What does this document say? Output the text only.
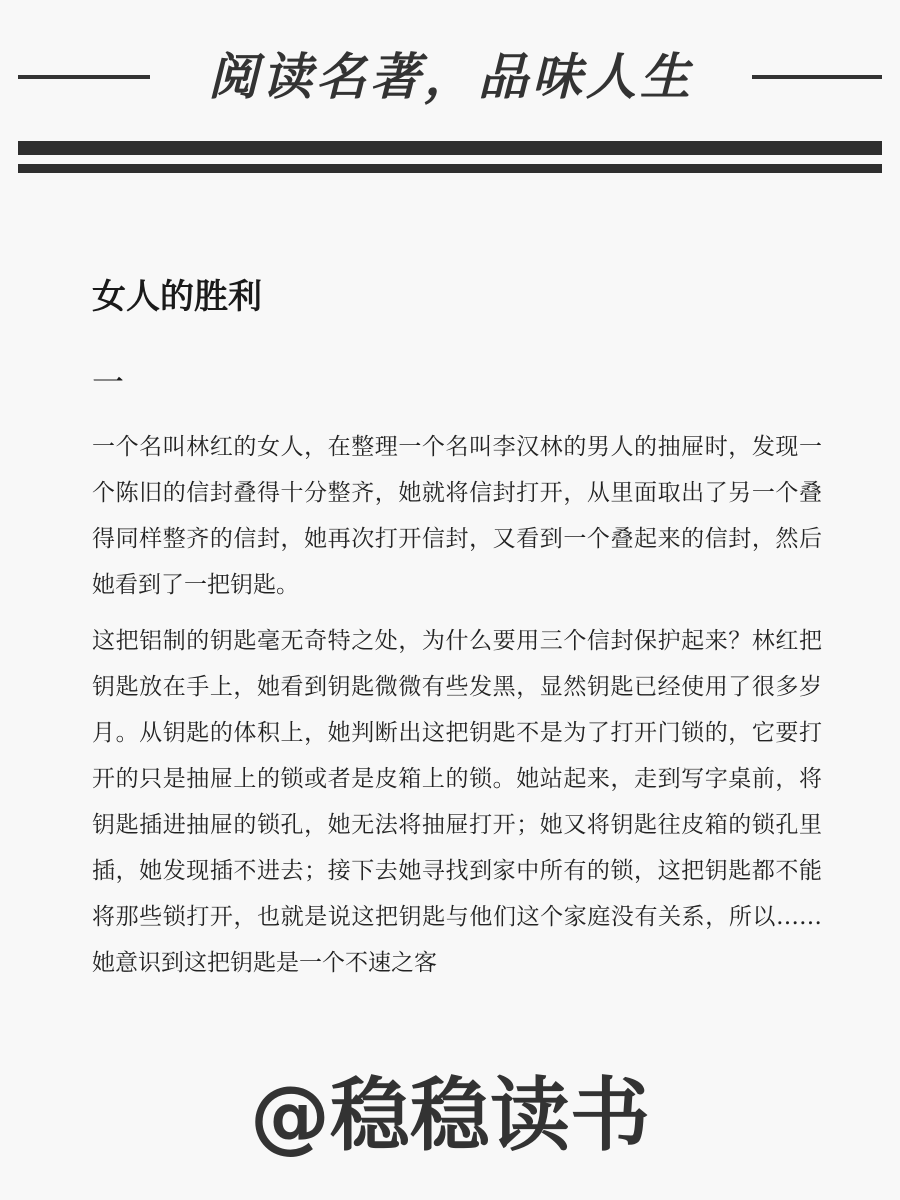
阅读名著，品味人生
女人的胜利
一

一个名叫林红的女人，在整理一个名叫李汉林的男人的抽屉时，发现一个陈旧的信封叠得十分整齐，她就将信封打开，从里面取出了另一个叠得同样整齐的信封，她再次打开信封，又看到一个叠起来的信封，然后她看到了一把钥匙。

这把铝制的钥匙毫无奇特之处，为什么要用三个信封保护起来？林红把钥匙放在手上，她看到钥匙微微有些发黑，显然钥匙已经使用了很多岁月。从钥匙的体积上，她判断出这把钥匙不是为了打开门锁的，它要打开的只是抽屉上的锁或者是皮箱上的锁。她站起来，走到写字桌前，将钥匙插进抽屉的锁孔，她无法将抽屉打开；她又将钥匙往皮箱的锁孔里插，她发现插不进去；接下去她寻找到家中所有的锁，这把钥匙都不能将那些锁打开，也就是说这把钥匙与他们这个家庭没有关系，所以……她意识到这把钥匙是一个不速之客

@稳稳读书
